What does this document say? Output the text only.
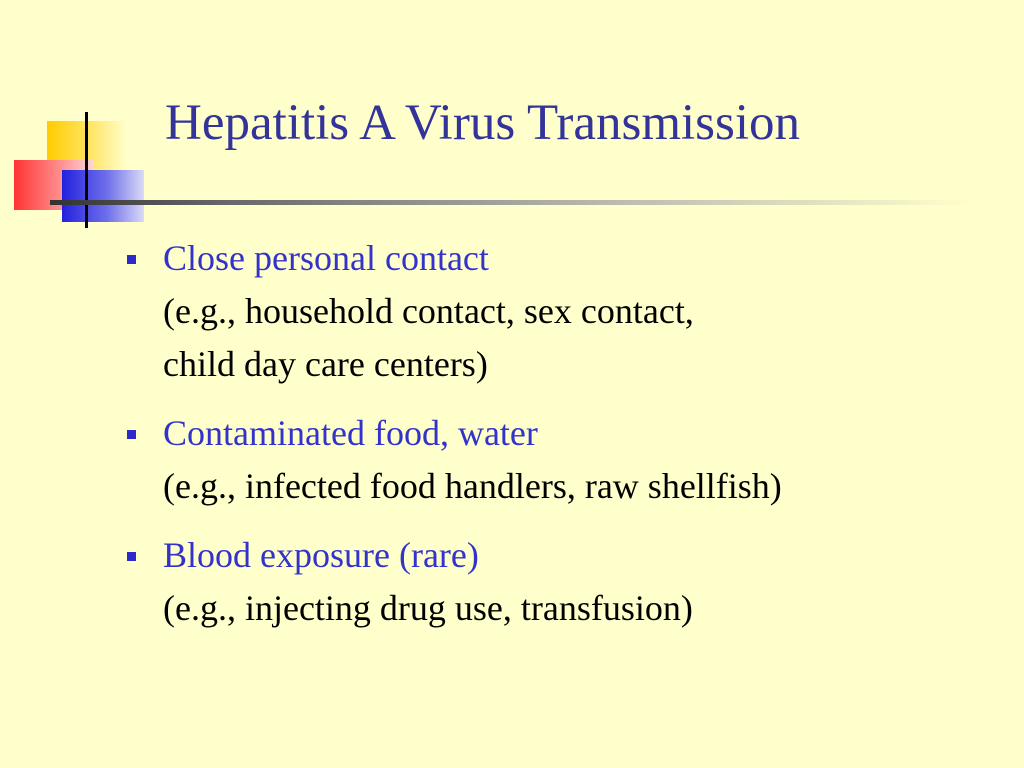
Hepatitis A Virus Transmission
Close personal contact
(e.g., household contact, sex contact,
child day care centers)
Contaminated food, water
(e.g., infected food handlers, raw shellfish)
Blood exposure (rare)
(e.g., injecting drug use, transfusion)
